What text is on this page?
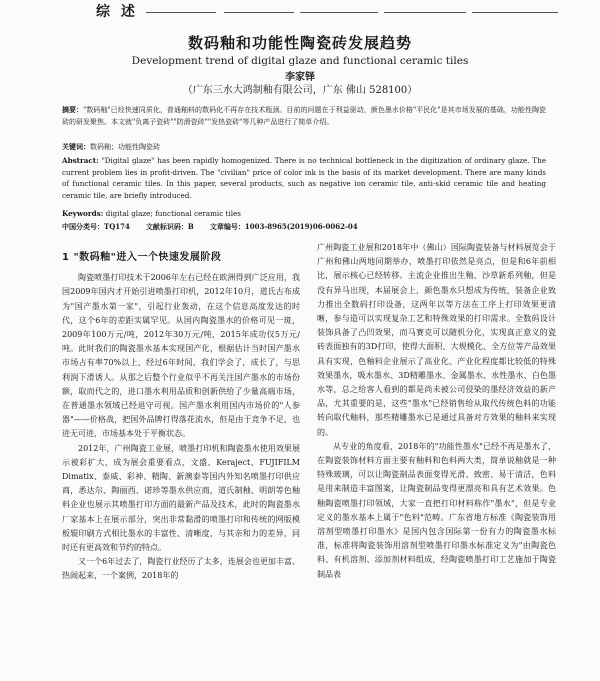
综 述
数码釉和功能性陶瓷砖发展趋势
Development trend of digital glaze and functional ceramic tiles
李家铎
（广东三水大鸿制釉有限公司，广东 佛山 528100）
摘要："数码釉"已经快速同质化，普通釉料的数码化不再存在技术瓶颈。目前的问题在于利益驱动，颜色墨水价格"平民化"是其市场发展的基础，功能性陶瓷砖的研发聚焦。本文就"负离子瓷砖""防滑瓷砖""发热瓷砖"等几种产品进行了简单介绍。
关键词：数码釉；功能性陶瓷砖
Abstract: "Digital glaze" has been rapidly homogenized. There is no technical bottleneck in the digitization of ordinary glaze. The current problem lies in profit-driven. The "civilian" price of color ink is the basis of its market development. There are many kinds of functional ceramic tiles. In this paper, several products, such as negative ion ceramic tile, anti-skid ceramic tile and heating ceramic tile, are briefly introduced.
Keywords: digital glaze; functional ceramic tiles
中国分类号：TQ174 文献标识码：B 文章编号：1003-8965(2019)06-0062-04
1 "数码釉"进入一个快速发展阶段

陶瓷喷墨打印技术于2006年左右已经在欧洲得到广泛应用，我国2009年国内才开始引进喷墨打印机，2012年10月，道氏古布成为"国产墨水第一家"，引起行业轰动，在这个信息高度发达的时代，这个6年的差距实属罕见。从国内陶瓷墨水的价格可见一斑，2009年100万元/吨，2012年30万元/吨，2015年成功仅5万元/吨。此时我们的陶瓷墨水基本实现国产化，根据估计当时国产墨水市场占有率70%以上，经过6年时间，我们学会了，成长了，与思利润下滑诱人。从那之后整个行业似乎不再关注国产墨水的市场份额，取而代之的，进口墨水利用品质和创新供给了少量高端市场，在普通墨水领域已经退守可视。国产墨水利用国内市场价的"人参器"——价格战，把国外品牌打得落花流水，但是由于竞争不足，也进无可进，市场基本处于平衡状态。

2012年，广州陶瓷工业展，喷墨打印机和陶瓷墨水使用效果展示被彩扩大，成为展会重要看点，文盛、Keraject、FUJIFILM Dimatix、泰威、彩神、精陶、新澳泰等国内外知名喷墨打印供应商，悉达尔、陶丽西、诺珍等墨水供应商，道氏制釉、明朗等色釉料企业也展示其喷墨打印方面的最新产品及技术，此时的陶瓷墨水厂家基本上在展示部分，突出非常黏滑的喷墨打印和传统的网版模板辊印刷方式相比墨水的丰富性、清晰度，与其亲和力的差异，同时还有更高效和节约的特点。

又一个6年过去了，陶瓷行业经历了太多，连展会也更加丰富、热闹起来，一个案例，2018年的

广州陶瓷工业展和2018年中（佛山）国际陶瓷装备与材料展览会于广州和佛山两地同期举办，喷墨打印依然是亮点，但是和6年前相比，展示核心已经转移。主流企业推出生釉、沙草新系列釉，但是没有异马出现，本届展会上，颜色墨水只想成为传统，装备企业致力推出全数码打印设备，这两年以等方法在工序上打印效果更清晰，参与造可以实现复杂工艺和特殊效果的打印需求。全数码设计装饰具备了凸凹效果，而马赛克可以随机分化，实现真正意义的瓷砖表面独有的3D打印，使得大面积、大规模化、全方位等产品效果具有实现，色釉料企业展示了高业化、产业化程度都比较低的特殊效果墨水，吸水墨水、3D精雕墨水、金属墨水、水性墨水、白色墨水等，总之给客人看到的都是尚未被公司侵染的墨经济效益的新产品，尤其重要的是，这些"墨水"已经销售给从取代传统色料的功能转向取代釉料，那些精雕墨水已是通过具备对方效果的釉料来实现的。

从专业的角度看，2018年的"功能性墨水"已经不再是墨水了，在陶瓷装饰材料方面主要有釉料和色料两大类，简单说釉就是一种特殊玻璃，可以让陶瓷制品表面变得光滑、致密、易于清洁，色料是用来制造丰富图案，让陶瓷制品变得更漂亮和具有艺术效果。色釉陶瓷喷墨打印领域，大家一直把打印材料称作"墨水"，但是专业定义的墨水基本上属于"色料"范畴。广东省地方标准《陶瓷装饰用溶剂型喷墨打印墨水》是国内包含国际第一份有力的陶瓷墨水标准，标准将陶瓷装饰用溶剂型喷墨打印墨水标准定义为"由陶瓷色料、有机溶剂、添加剂材料组成，经陶瓷喷墨打印工艺施加于陶瓷制品表
